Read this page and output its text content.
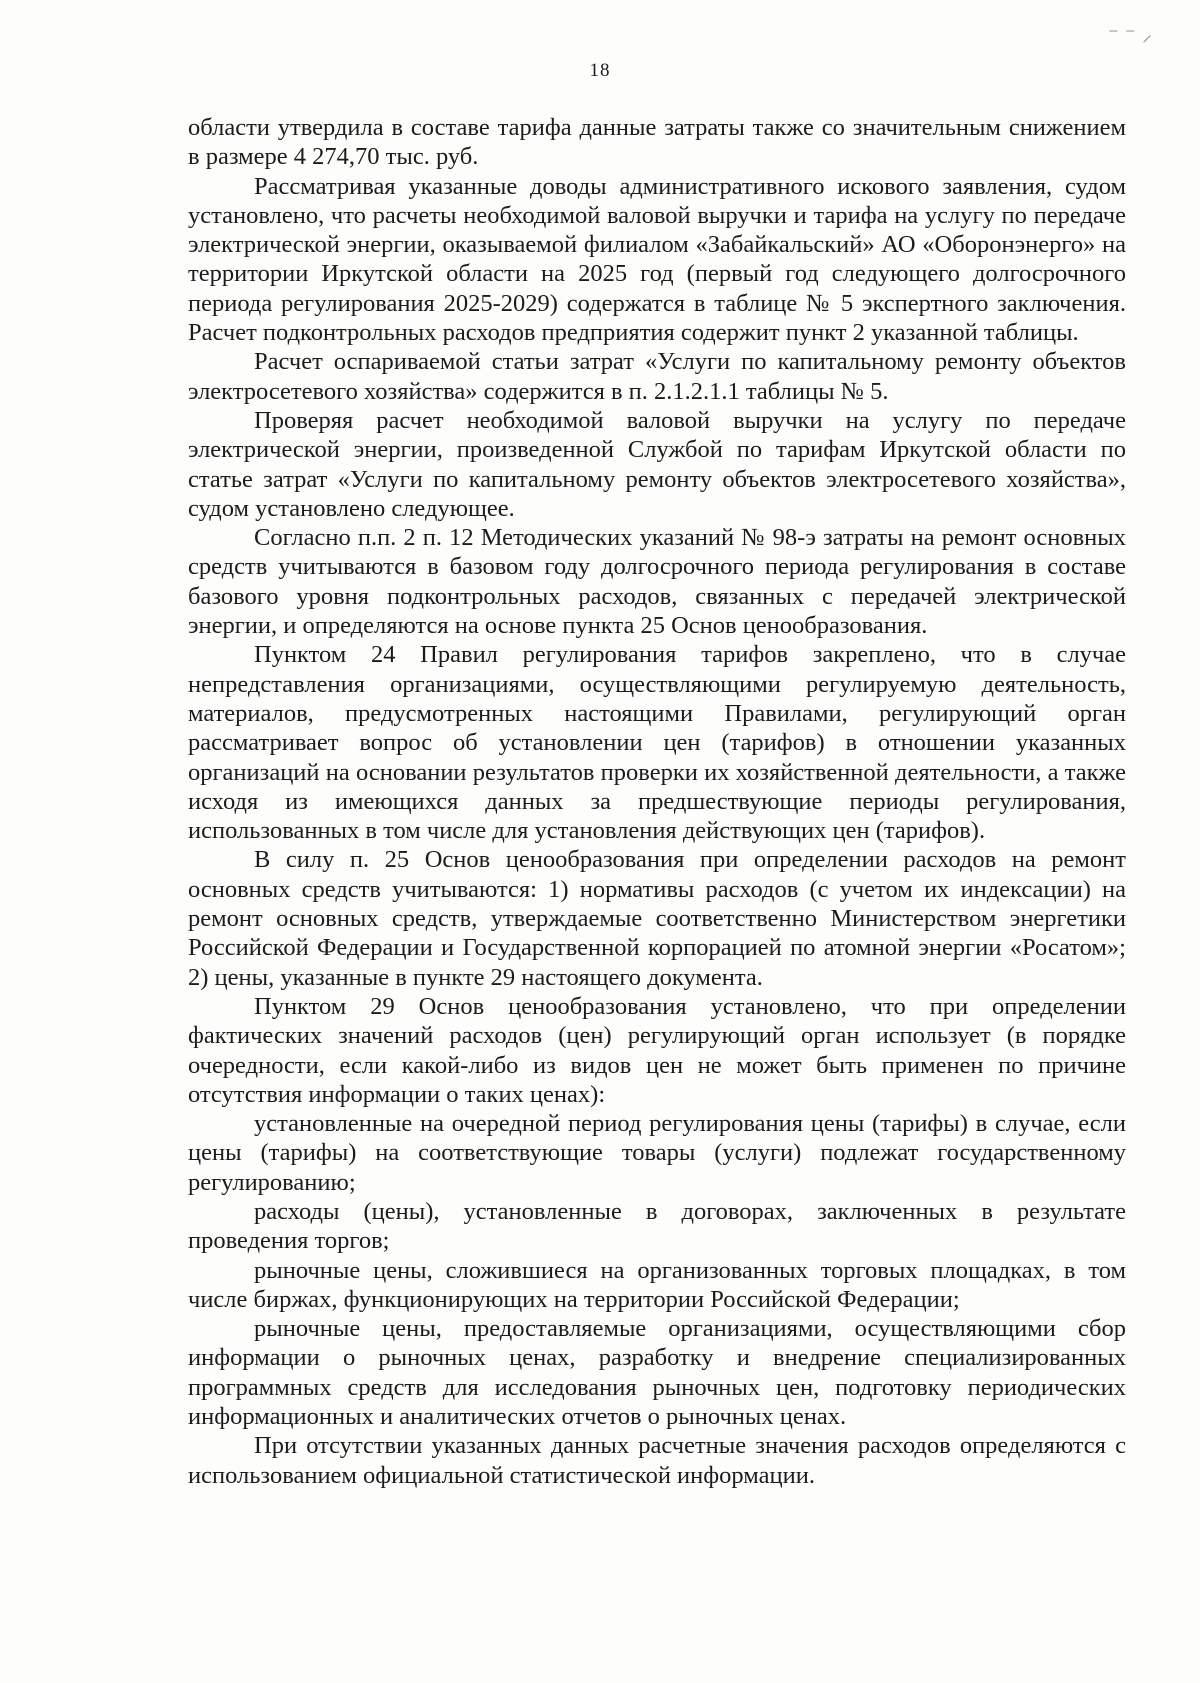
18
⁻ ⁻ ⸝

области утвердила в составе тарифа данные затраты также со значительным снижением в размере 4 274,70 тыс. руб.

Рассматривая указанные доводы административного искового заявления, судом установлено, что расчеты необходимой валовой выручки и тарифа на услугу по передаче электрической энергии, оказываемой филиалом «Забайкальский» АО «Оборонэнерго» на территории Иркутской области на 2025 год (первый год следующего долгосрочного периода регулирования 2025-2029) содержатся в таблице № 5 экспертного заключения. Расчет подконтрольных расходов предприятия содержит пункт 2 указанной таблицы.

Расчет оспариваемой статьи затрат «Услуги по капитальному ремонту объектов электросетевого хозяйства» содержится в п. 2.1.2.1.1 таблицы № 5.

Проверяя расчет необходимой валовой выручки на услугу по передаче электрической энергии, произведенной Службой по тарифам Иркутской области по статье затрат «Услуги по капитальному ремонту объектов электросетевого хозяйства», судом установлено следующее.

Согласно п.п. 2 п. 12 Методических указаний № 98-э затраты на ремонт основных средств учитываются в базовом году долгосрочного периода регулирования в составе базового уровня подконтрольных расходов, связанных с передачей электрической энергии, и определяются на основе пункта 25 Основ ценообразования.

Пунктом 24 Правил регулирования тарифов закреплено, что в случае непредставления организациями, осуществляющими регулируемую деятельность, материалов, предусмотренных настоящими Правилами, регулирующий орган рассматривает вопрос об установлении цен (тарифов) в отношении указанных организаций на основании результатов проверки их хозяйственной деятельности, а также исходя из имеющихся данных за предшествующие периоды регулирования, использованных в том числе для установления действующих цен (тарифов).

В силу п. 25 Основ ценообразования при определении расходов на ремонт основных средств учитываются: 1) нормативы расходов (с учетом их индексации) на ремонт основных средств, утверждаемые соответственно Министерством энергетики Российской Федерации и Государственной корпорацией по атомной энергии «Росатом»; 2) цены, указанные в пункте 29 настоящего документа.

Пунктом 29 Основ ценообразования установлено, что при определении фактических значений расходов (цен) регулирующий орган использует (в порядке очередности, если какой-либо из видов цен не может быть применен по причине отсутствия информации о таких ценах):

установленные на очередной период регулирования цены (тарифы) в случае, если цены (тарифы) на соответствующие товары (услуги) подлежат государственному регулированию;

расходы (цены), установленные в договорах, заключенных в результате проведения торгов;

рыночные цены, сложившиеся на организованных торговых площадках, в том числе биржах, функционирующих на территории Российской Федерации;

рыночные цены, предоставляемые организациями, осуществляющими сбор информации о рыночных ценах, разработку и внедрение специализированных программных средств для исследования рыночных цен, подготовку периодических информационных и аналитических отчетов о рыночных ценах.

При отсутствии указанных данных расчетные значения расходов определяются с использованием официальной статистической информации.
